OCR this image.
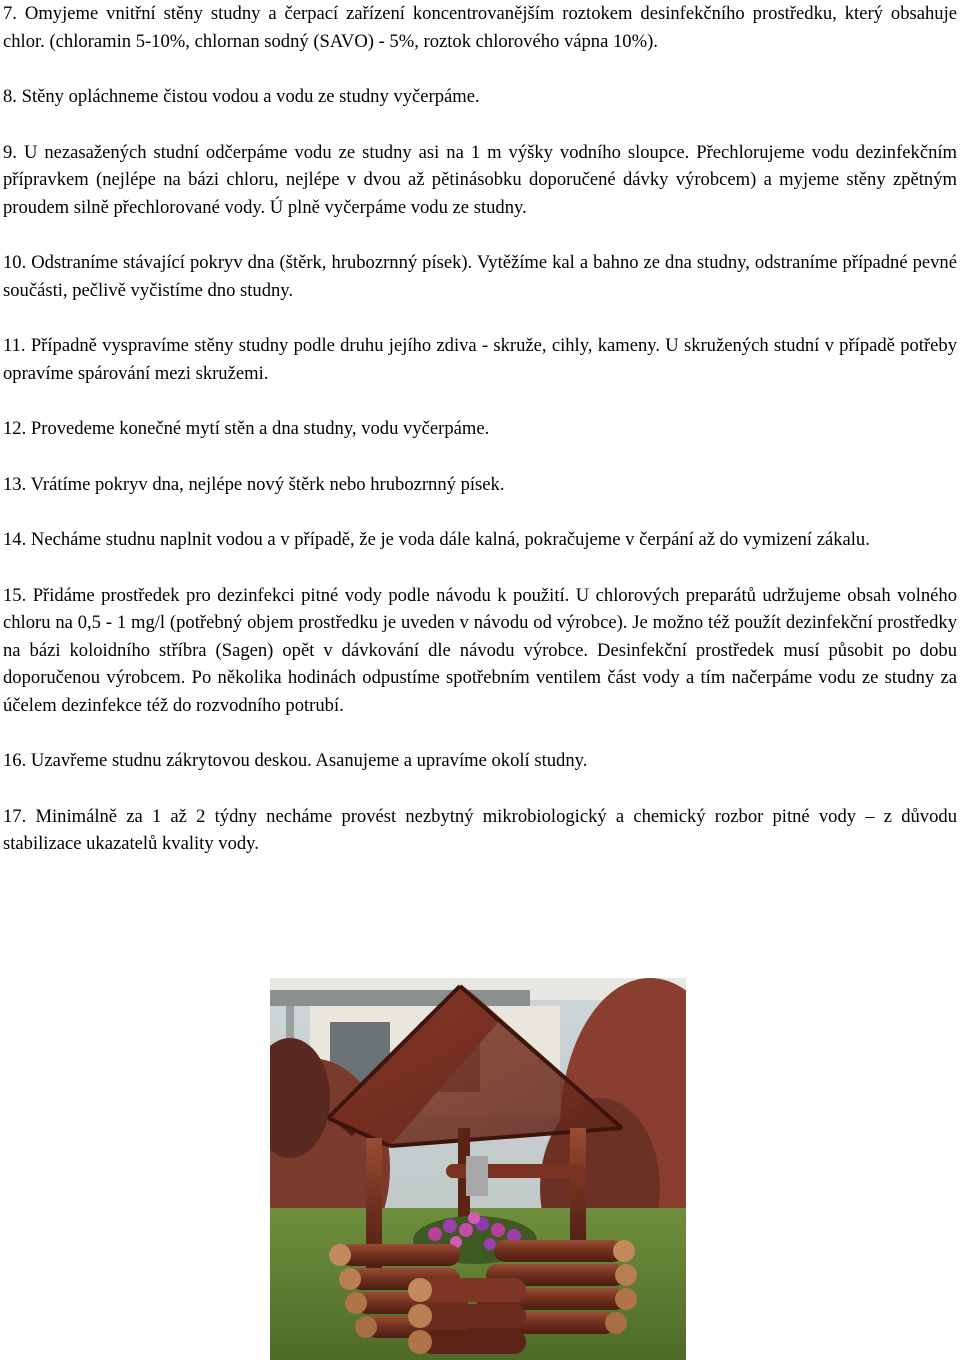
7. Omyjeme vnitřní stěny studny a čerpací zařízení koncentrovanějším roztokem desinfekčního prostředku, který obsahuje chlor. (chloramin 5-10%, chlornan sodný (SAVO) - 5%, roztok chlorového vápna 10%).
8. Stěny opláchneme čistou vodou a vodu ze studny vyčerpáme.
9. U nezasažených studní odčerpáme vodu ze studny asi na 1 m výšky vodního sloupce. Přechlorujeme vodu dezinfekčním přípravkem (nejlépe na bázi chloru, nejlépe v dvou až pětinásobku doporučené dávky výrobcem) a myjeme stěny zpětným proudem silně přechlorované vody. Ú plně vyčerpáme vodu ze studny.
10. Odstraníme stávající pokryv dna (štěrk, hrubozrnný písek). Vytěžíme kal a bahno ze dna studny, odstraníme případné pevné součásti, pečlivě vyčistíme dno studny.
11. Případně vyspravíme stěny studny podle druhu jejího zdiva - skruže, cihly, kameny. U skružených studní v případě potřeby opravíme spárování mezi skružemi.
12. Provedeme konečné mytí stěn a dna studny, vodu vyčerpáme.
13. Vrátíme pokryv dna, nejlépe nový štěrk nebo hrubozrnný písek.
14. Necháme studnu naplnit vodou a v případě, že je voda dále kalná, pokračujeme v čerpání až do vymizení zákalu.
15. Přidáme prostředek pro dezinfekci pitné vody podle návodu k použití. U chlorových preparátů udržujeme obsah volného chloru na 0,5 - 1 mg/l (potřebný objem prostředku je uveden v návodu od výrobce). Je možno též použít dezinfekční prostředky na bázi koloidního stříbra (Sagen) opět v dávkování dle návodu výrobce. Desinfekční prostředek musí působit po dobu doporučenou výrobcem. Po několika hodinách odpustíme spotřebním ventilem část vody a tím načerpáme vodu ze studny za účelem dezinfekce též do rozvodního potrubí.
16. Uzavřeme studnu zákrytovou deskou. Asanujeme a upravíme okolí studny.
17. Minimálně za 1 až 2 týdny necháme provést nezbytný mikrobiologický a chemický rozbor pitné vody – z důvodu stabilizace ukazatelů kvality vody.
